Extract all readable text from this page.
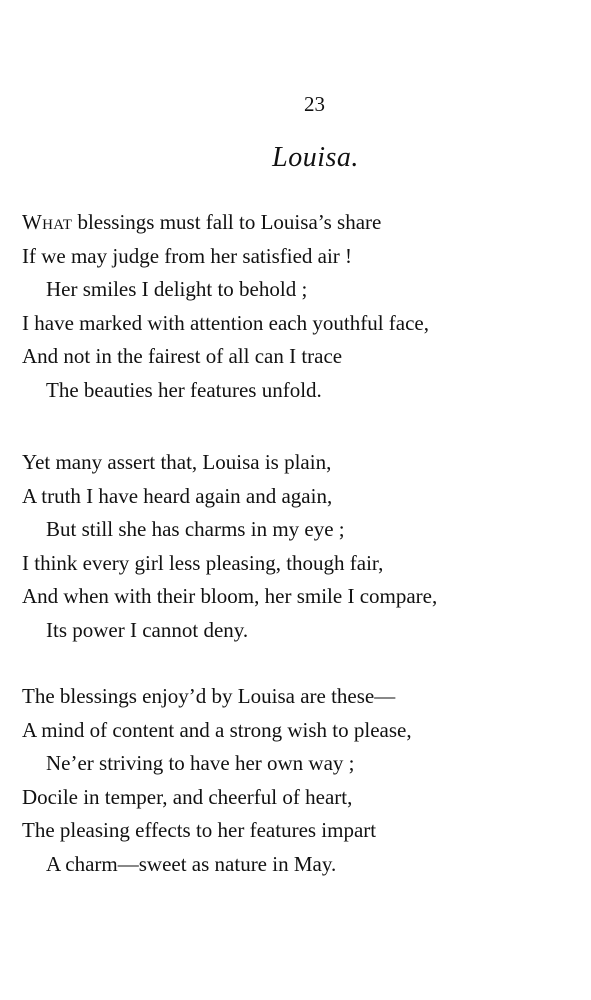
23
Louisa.
What blessings must fall to Louisa’s share
If we may judge from her satisfied air !
Her smiles I delight to behold ;
I have marked with attention each youthful face,
And not in the fairest of all can I trace
The beauties her features unfold.
Yet many assert that, Louisa is plain,
A truth I have heard again and again,
But still she has charms in my eye ;
I think every girl less pleasing, though fair,
And when with their bloom, her smile I compare,
Its power I cannot deny.
The blessings enjoy’d by Louisa are these—
A mind of content and a strong wish to please,
Ne’er striving to have her own way ;
Docile in temper, and cheerful of heart,
The pleasing effects to her features impart
A charm—sweet as nature in May.
